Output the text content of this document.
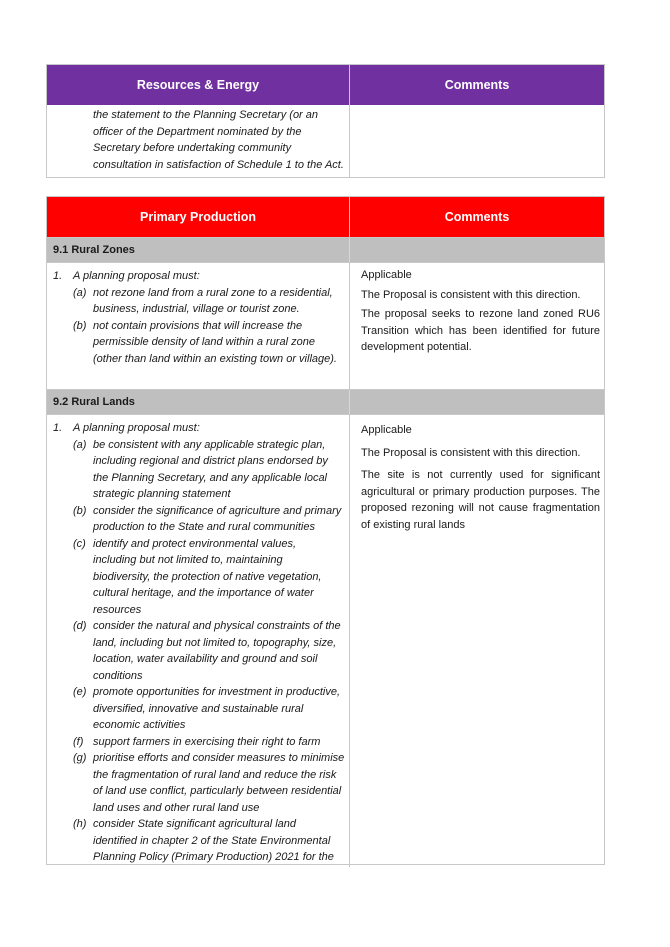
Resources & Energy	Comments
the statement to the Planning Secretary (or an
officer of the Department nominated by the
Secretary before undertaking community
consultation in satisfaction of Schedule 1 to the Act.
Primary Production	Comments
9.1 Rural Zones
1. A planning proposal must:
(a) not rezone land from a rural zone to a residential,
business, industrial, village or tourist zone.
(b) not contain provisions that will increase the
permissible density of land within a rural zone
(other than land within an existing town or village).

Applicable

The Proposal is consistent with this direction.

The proposal seeks to rezone land zoned RU6 Transition which has been identified for future development potential.

9.2 Rural Lands
1. A planning proposal must:
(a) be consistent with any applicable strategic plan,
including regional and district plans endorsed by
the Planning Secretary, and any applicable local
strategic planning statement
(b) consider the significance of agriculture and primary
production to the State and rural communities
(c) identify and protect environmental values,
including but not limited to, maintaining
biodiversity, the protection of native vegetation,
cultural heritage, and the importance of water
resources
(d) consider the natural and physical constraints of the
land, including but not limited to, topography, size,
location, water availability and ground and soil
conditions
(e) promote opportunities for investment in productive,
diversified, innovative and sustainable rural
economic activities
(f) support farmers in exercising their right to farm
(g) prioritise efforts and consider measures to minimise
the fragmentation of rural land and reduce the risk
of land use conflict, particularly between residential
land uses and other rural land use
(h) consider State significant agricultural land
identified in chapter 2 of the State Environmental
Planning Policy (Primary Production) 2021 for the

Applicable

The Proposal is consistent with this direction.

The site is not currently used for significant agricultural or primary production purposes. The proposed rezoning will not cause fragmentation of existing rural lands
